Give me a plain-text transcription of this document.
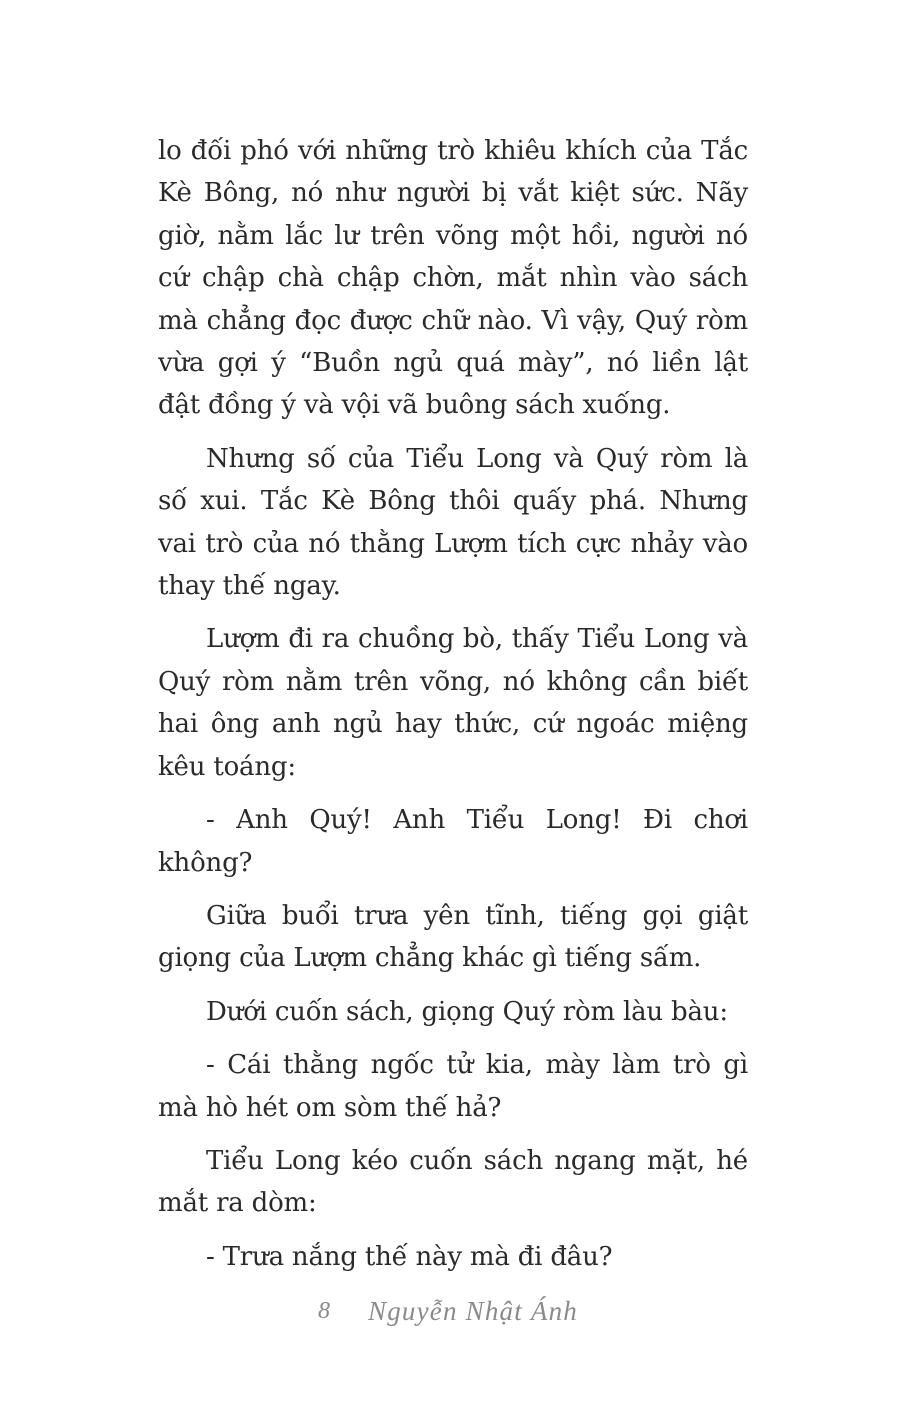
lo đối phó với những trò khiêu khích của Tắc Kè Bông, nó như người bị vắt kiệt sức. Nãy giờ, nằm lắc lư trên võng một hồi, người nó cứ chập chà chập chờn, mắt nhìn vào sách mà chẳng đọc được chữ nào. Vì vậy, Quý ròm vừa gợi ý “Buồn ngủ quá mày”, nó liền lật đật đồng ý và vội vã buông sách xuống.

Nhưng số của Tiểu Long và Quý ròm là số xui. Tắc Kè Bông thôi quấy phá. Nhưng vai trò của nó thằng Lượm tích cực nhảy vào thay thế ngay.

Lượm đi ra chuồng bò, thấy Tiểu Long và Quý ròm nằm trên võng, nó không cần biết hai ông anh ngủ hay thức, cứ ngoác miệng kêu toáng:

- Anh Quý! Anh Tiểu Long! Đi chơi không?

Giữa buổi trưa yên tĩnh, tiếng gọi giật giọng của Lượm chẳng khác gì tiếng sấm.

Dưới cuốn sách, giọng Quý ròm làu bàu:

- Cái thằng ngốc tử kia, mày làm trò gì mà hò hét om sòm thế hả?

Tiểu Long kéo cuốn sách ngang mặt, hé mắt ra dòm:

- Trưa nắng thế này mà đi đâu?

8 Nguyễn Nhật Ánh
